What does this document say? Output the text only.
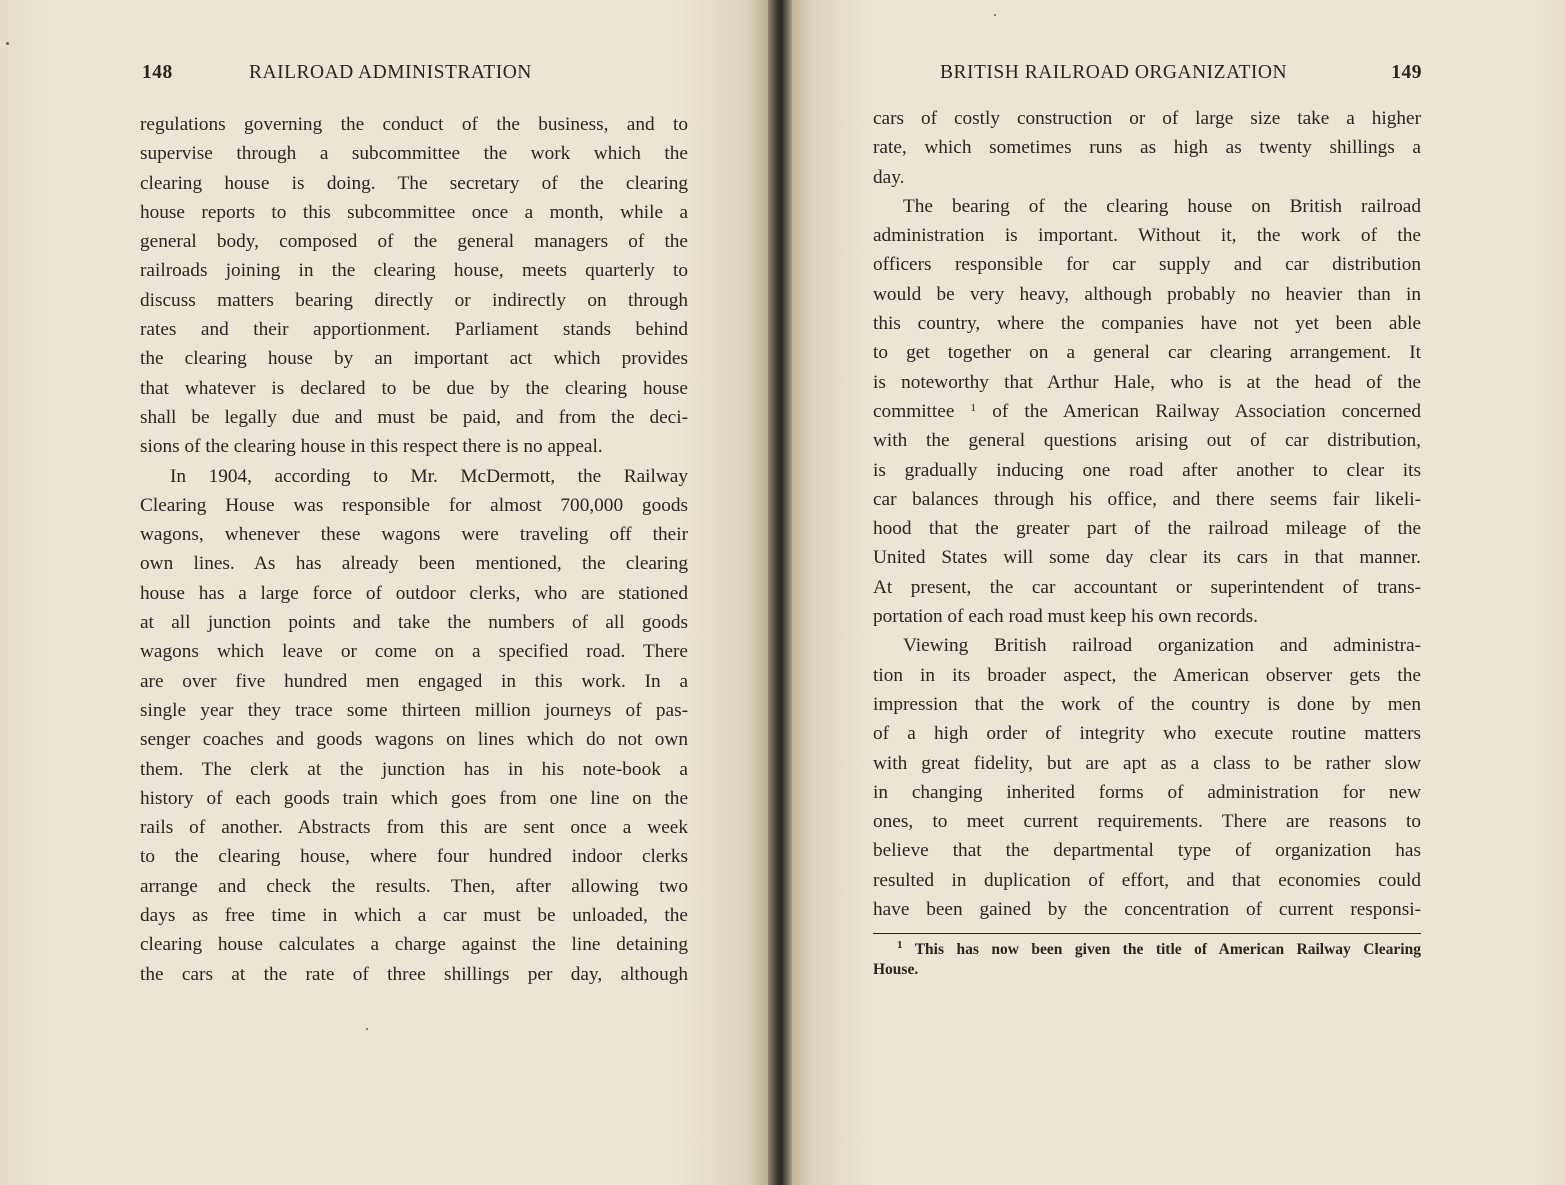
148	RAILROAD ADMINISTRATION	BRITISH RAILROAD ORGANIZATION	149
regulations governing the conduct of the business, and to
supervise through a subcommittee the work which the
clearing house is doing. The secretary of the clearing
house reports to this subcommittee once a month, while a
general body, composed of the general managers of the
railroads joining in the clearing house, meets quarterly to
discuss matters bearing directly or indirectly on through
rates and their apportionment. Parliament stands behind
the clearing house by an important act which provides
that whatever is declared to be due by the clearing house
shall be legally due and must be paid, and from the deci-
sions of the clearing house in this respect there is no appeal.
In 1904, according to Mr. McDermott, the Railway
Clearing House was responsible for almost 700,000 goods
wagons, whenever these wagons were traveling off their
own lines. As has already been mentioned, the clearing
house has a large force of outdoor clerks, who are stationed
at all junction points and take the numbers of all goods
wagons which leave or come on a specified road. There
are over five hundred men engaged in this work. In a
single year they trace some thirteen million journeys of pas-
senger coaches and goods wagons on lines which do not own
them. The clerk at the junction has in his note-book a
history of each goods train which goes from one line on the
rails of another. Abstracts from this are sent once a week
to the clearing house, where four hundred indoor clerks
arrange and check the results. Then, after allowing two
days as free time in which a car must be unloaded, the
clearing house calculates a charge against the line detaining
the cars at the rate of three shillings per day, although
cars of costly construction or of large size take a higher
rate, which sometimes runs as high as twenty shillings a
day.
The bearing of the clearing house on British railroad
administration is important. Without it, the work of the
officers responsible for car supply and car distribution
would be very heavy, although probably no heavier than in
this country, where the companies have not yet been able
to get together on a general car clearing arrangement. It
is noteworthy that Arthur Hale, who is at the head of the
committee $^1$ of the American Railway Association concerned
with the general questions arising out of car distribution,
is gradually inducing one road after another to clear its
car balances through his office, and there seems fair likeli-
hood that the greater part of the railroad mileage of the
United States will some day clear its cars in that manner.
At present, the car accountant or superintendent of trans-
portation of each road must keep his own records.
Viewing British railroad organization and administra-
tion in its broader aspect, the American observer gets the
impression that the work of the country is done by men
of a high order of integrity who execute routine matters
with great fidelity, but are apt as a class to be rather slow
in changing inherited forms of administration for new
ones, to meet current requirements. There are reasons to
believe that the departmental type of organization has
resulted in duplication of effort, and that economies could
have been gained by the concentration of current responsi-
$^1$ This has now been given the title of American Railway Clearing
House.
